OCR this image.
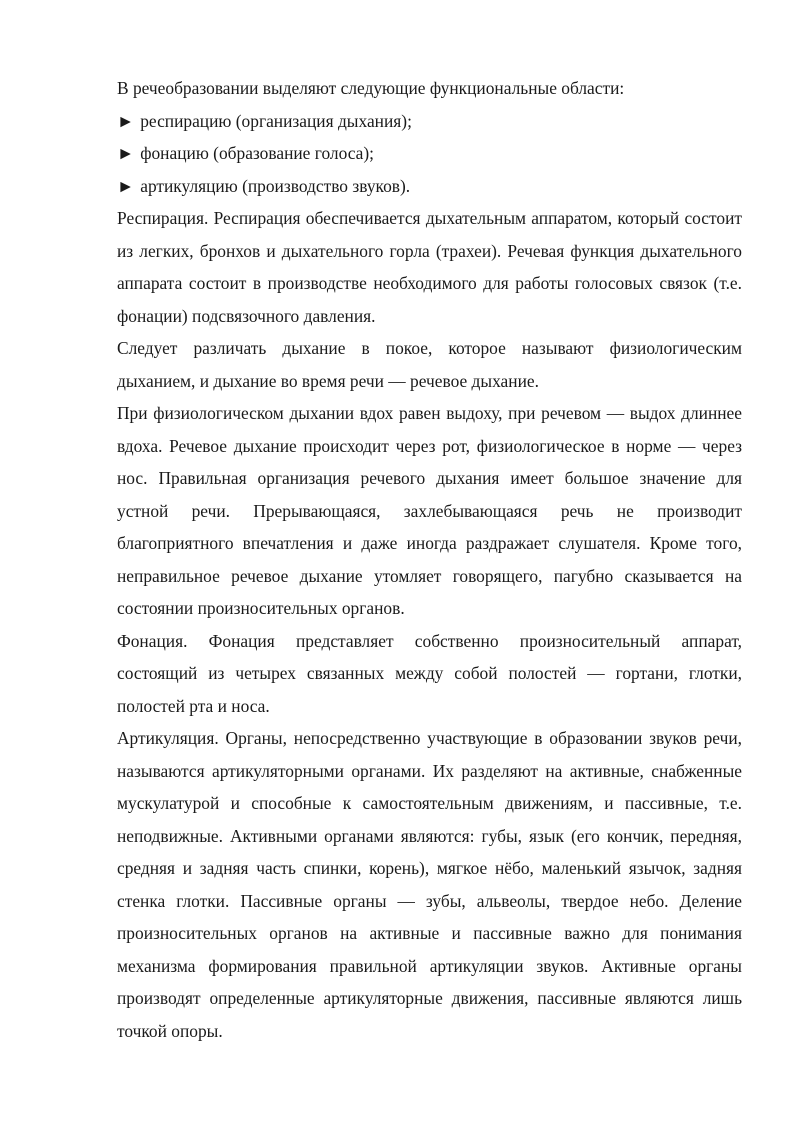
В речеобразовании выделяют следующие функциональные области:

► респирацию (организация дыхания);

► фонацию (образование голоса);

► артикуляцию (производство звуков).

Респирация. Респирация обеспечивается дыхательным аппаратом, который состоит из легких, бронхов и дыхательного горла (трахеи). Речевая функция дыхательного аппарата состоит в производстве необходимого для работы голосовых связок (т.е. фонации) подсвязочного давления.

Следует различать дыхание в покое, которое называют физиологическим дыханием, и дыхание во время речи — речевое дыхание.

При физиологическом дыхании вдох равен выдоху, при речевом — выдох длиннее вдоха. Речевое дыхание происходит через рот, физиологическое в норме — через нос. Правильная организация речевого дыхания имеет большое значение для устной речи. Прерывающаяся, захлебывающаяся речь не производит благоприятного впечатления и даже иногда раздражает слушателя. Кроме того, неправильное речевое дыхание утомляет говорящего, пагубно сказывается на состоянии произносительных органов.

Фонация. Фонация представляет собственно произносительный аппарат, состоящий из четырех связанных между собой полостей — гортани, глотки, полостей рта и носа.

Артикуляция. Органы, непосредственно участвующие в образовании звуков речи, называются артикуляторными органами. Их разделяют на активные, снабженные мускулатурой и способные к самостоятельным движениям, и пассивные, т.е. неподвижные. Активными органами являются: губы, язык (его кончик, передняя, средняя и задняя часть спинки, корень), мягкое нёбо, маленький язычок, задняя стенка глотки. Пассивные органы — зубы, альвеолы, твердое небо. Деление произносительных органов на активные и пассивные важно для понимания механизма формирования правильной артикуляции звуков. Активные органы производят определенные артикуляторные движения, пассивные являются лишь точкой опоры.
